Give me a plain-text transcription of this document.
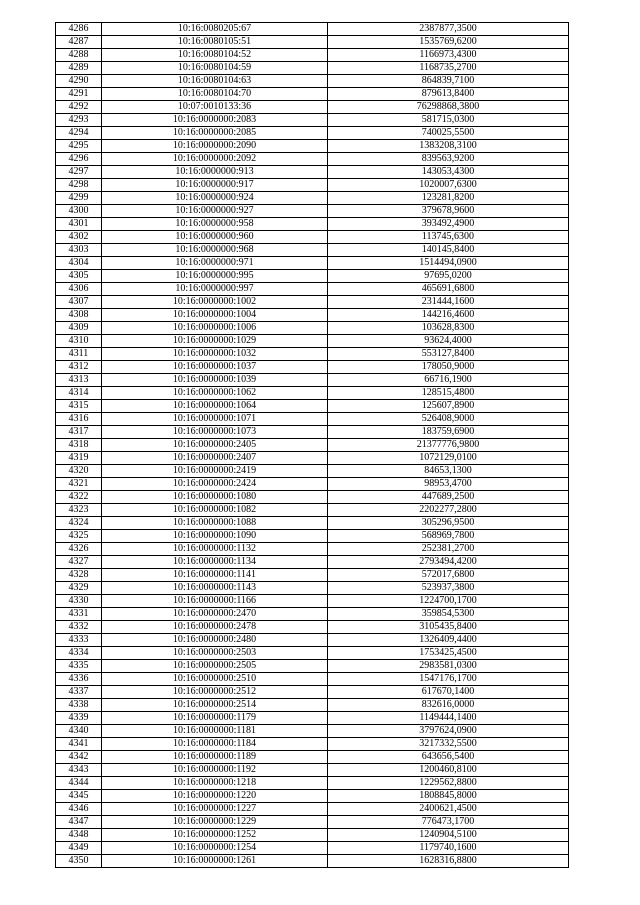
4286	10:16:0080205:67	2387877,3500
4287	10:16:0080105:51	1535769,6200
4288	10:16:0080104:52	1166973,4300
4289	10:16:0080104:59	1168735,2700
4290	10:16:0080104:63	864839,7100
4291	10:16:0080104:70	879613,8400
4292	10:07:0010133:36	76298868,3800
4293	10:16:0000000:2083	581715,0300
4294	10:16:0000000:2085	740025,5500
4295	10:16:0000000:2090	1383208,3100
4296	10:16:0000000:2092	839563,9200
4297	10:16:0000000:913	143053,4300
4298	10:16:0000000:917	1020007,6300
4299	10:16:0000000:924	123281,8200
4300	10:16:0000000:927	379678,9600
4301	10:16:0000000:958	393492,4900
4302	10:16:0000000:960	113745,6300
4303	10:16:0000000:968	140145,8400
4304	10:16:0000000:971	1514494,0900
4305	10:16:0000000:995	97695,0200
4306	10:16:0000000:997	465691,6800
4307	10:16:0000000:1002	231444,1600
4308	10:16:0000000:1004	144216,4600
4309	10:16:0000000:1006	103628,8300
4310	10:16:0000000:1029	93624,4000
4311	10:16:0000000:1032	553127,8400
4312	10:16:0000000:1037	178050,9000
4313	10:16:0000000:1039	66716,1900
4314	10:16:0000000:1062	128515,4800
4315	10:16:0000000:1064	125607,8900
4316	10:16:0000000:1071	526408,9000
4317	10:16:0000000:1073	183759,6900
4318	10:16:0000000:2405	21377776,9800
4319	10:16:0000000:2407	1072129,0100
4320	10:16:0000000:2419	84653,1300
4321	10:16:0000000:2424	98953,4700
4322	10:16:0000000:1080	447689,2500
4323	10:16:0000000:1082	2202277,2800
4324	10:16:0000000:1088	305296,9500
4325	10:16:0000000:1090	568969,7800
4326	10:16:0000000:1132	252381,2700
4327	10:16:0000000:1134	2793494,4200
4328	10:16:0000000:1141	572017,6800
4329	10:16:0000000:1143	523937,3800
4330	10:16:0000000:1166	1224700,1700
4331	10:16:0000000:2470	359854,5300
4332	10:16:0000000:2478	3105435,8400
4333	10:16:0000000:2480	1326409,4400
4334	10:16:0000000:2503	1753425,4500
4335	10:16:0000000:2505	2983581,0300
4336	10:16:0000000:2510	1547176,1700
4337	10:16:0000000:2512	617670,1400
4338	10:16:0000000:2514	832616,0000
4339	10:16:0000000:1179	1149444,1400
4340	10:16:0000000:1181	3797624,0900
4341	10:16:0000000:1184	3217332,5500
4342	10:16:0000000:1189	643656,5400
4343	10:16:0000000:1192	1200460,8100
4344	10:16:0000000:1218	1229562,8800
4345	10:16:0000000:1220	1808845,8000
4346	10:16:0000000:1227	2400621,4500
4347	10:16:0000000:1229	776473,1700
4348	10:16:0000000:1252	1240904,5100
4349	10:16:0000000:1254	1179740,1600
4350	10:16:0000000:1261	1628316,8800
